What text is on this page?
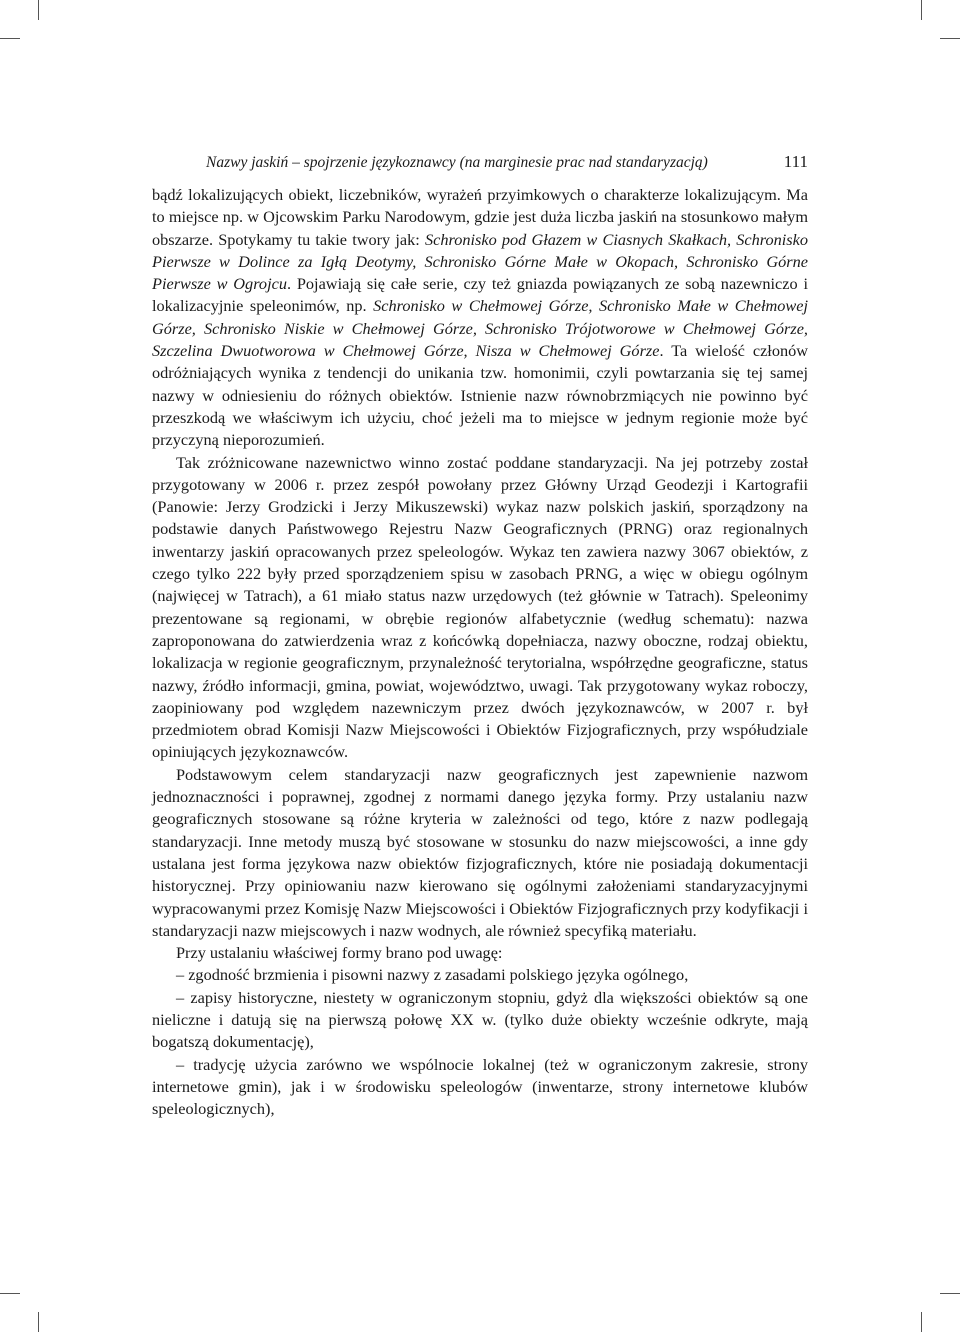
Nazwy jaskiń – spojrzenie językoznawcy (na marginesie prac nad standaryzacją)	111

bądź lokalizujących obiekt, liczebników, wyrażeń przyimkowych o charakterze lokalizującym. Ma to miejsce np. w Ojcowskim Parku Narodowym, gdzie jest duża liczba jaskiń na stosunkowo małym obszarze. Spotykamy tu takie twory jak: Schronisko pod Głazem w Ciasnych Skałkach, Schronisko Pierwsze w Dolince za Igłą Deotymy, Schronisko Górne Małe w Okopach, Schronisko Górne Pierwsze w Ogrojcu. Pojawiają się całe serie, czy też gniazda powiązanych ze sobą nazewniczo i lokalizacyjnie speleonimów, np. Schronisko w Chełmowej Górze, Schronisko Małe w Chełmowej Górze, Schronisko Niskie w Chełmowej Górze, Schronisko Trójotworowe w Chełmowej Górze, Szczelina Dwuotworowa w Chełmowej Górze, Nisza w Chełmowej Górze. Ta wielość członów odróżniających wynika z tendencji do unikania tzw. homonimii, czyli powtarzania się tej samej nazwy w odniesieniu do różnych obiektów. Istnienie nazw równobrzmiących nie powinno być przeszkodą we właściwym ich użyciu, choć jeżeli ma to miejsce w jednym regionie może być przyczyną nieporozumień.

Tak zróżnicowane nazewnictwo winno zostać poddane standaryzacji. Na jej potrzeby został przygotowany w 2006 r. przez zespół powołany przez Główny Urząd Geodezji i Kartografii (Panowie: Jerzy Grodzicki i Jerzy Mikuszewski) wykaz nazw polskich jaskiń, sporządzony na podstawie danych Państwowego Rejestru Nazw Geograficznych (PRNG) oraz regionalnych inwentarzy jaskiń opracowanych przez speleologów. Wykaz ten zawiera nazwy 3067 obiektów, z czego tylko 222 były przed sporządzeniem spisu w zasobach PRNG, a więc w obiegu ogólnym (najwięcej w Tatrach), a 61 miało status nazw urzędowych (też głównie w Tatrach). Speleonimy prezentowane są regionami, w obrębie regionów alfabetycznie (według schematu): nazwa zaproponowana do zatwierdzenia wraz z końcówką dopełniacza, nazwy oboczne, rodzaj obiektu, lokalizacja w regionie geograficznym, przynależność terytorialna, współrzędne geograficzne, status nazwy, źródło informacji, gmina, powiat, województwo, uwagi. Tak przygotowany wykaz roboczy, zaopiniowany pod względem nazewniczym przez dwóch językoznawców, w 2007 r. był przedmiotem obrad Komisji Nazw Miejscowości i Obiektów Fizjograficznych, przy współudziale opiniujących językoznawców.

Podstawowym celem standaryzacji nazw geograficznych jest zapewnienie nazwom jednoznaczności i poprawnej, zgodnej z normami danego języka formy. Przy ustalaniu nazw geograficznych stosowane są różne kryteria w zależności od tego, które z nazw podlegają standaryzacji. Inne metody muszą być stosowane w stosunku do nazw miejscowości, a inne gdy ustalana jest forma językowa nazw obiektów fizjograficznych, które nie posiadają dokumentacji historycznej. Przy opiniowaniu nazw kierowano się ogólnymi założeniami standaryzacyjnymi wypracowanymi przez Komisję Nazw Miejscowości i Obiektów Fizjograficznych przy kodyfikacji i standaryzacji nazw miejscowych i nazw wodnych, ale również specyfiką materiału.

Przy ustalaniu właściwej formy brano pod uwagę:

– zgodność brzmienia i pisowni nazwy z zasadami polskiego języka ogólnego,

– zapisy historyczne, niestety w ograniczonym stopniu, gdyż dla większości obiektów są one nieliczne i datują się na pierwszą połowę XX w. (tylko duże obiekty wcześnie odkryte, mają bogatszą dokumentację),

– tradycję użycia zarówno we wspólnocie lokalnej (też w ograniczonym zakresie, strony internetowe gmin), jak i w środowisku speleologów (inwentarze, strony internetowe klubów speleologicznych),
